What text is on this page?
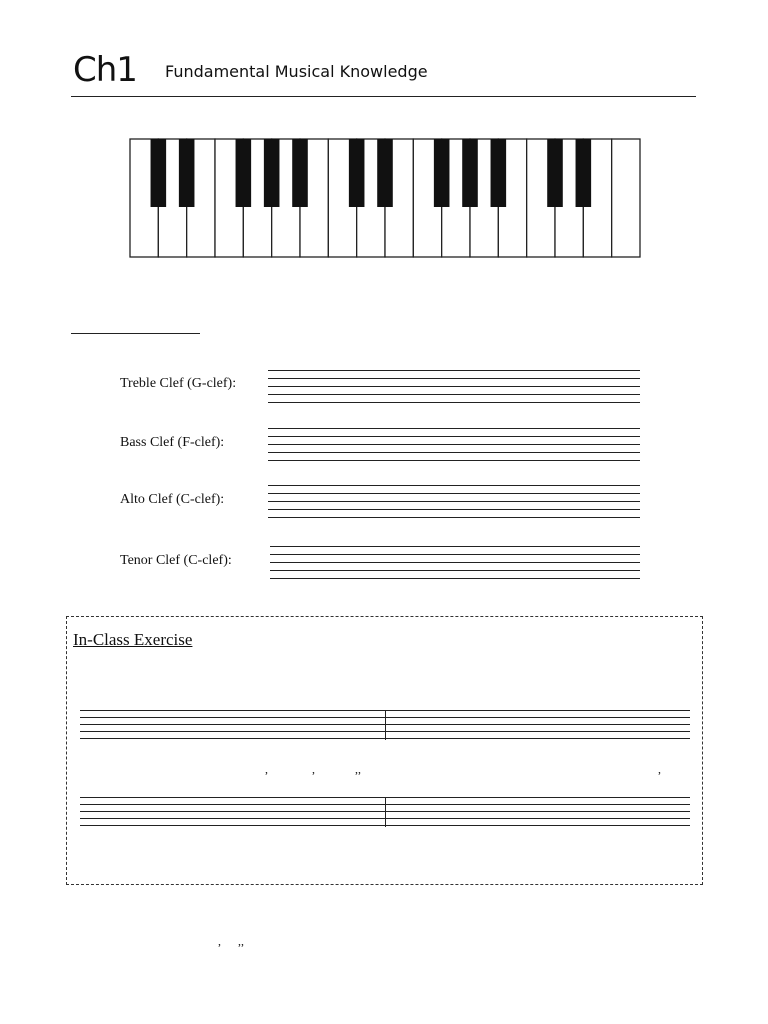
Ch1 Fundamental Musical Knowledge
Treble Clef (G-clef):
Bass Clef (F-clef):
Alto Clef (C-clef):
Tenor Clef (C-clef):
In-Class Exercise
,	,	,,	,
, ,,
